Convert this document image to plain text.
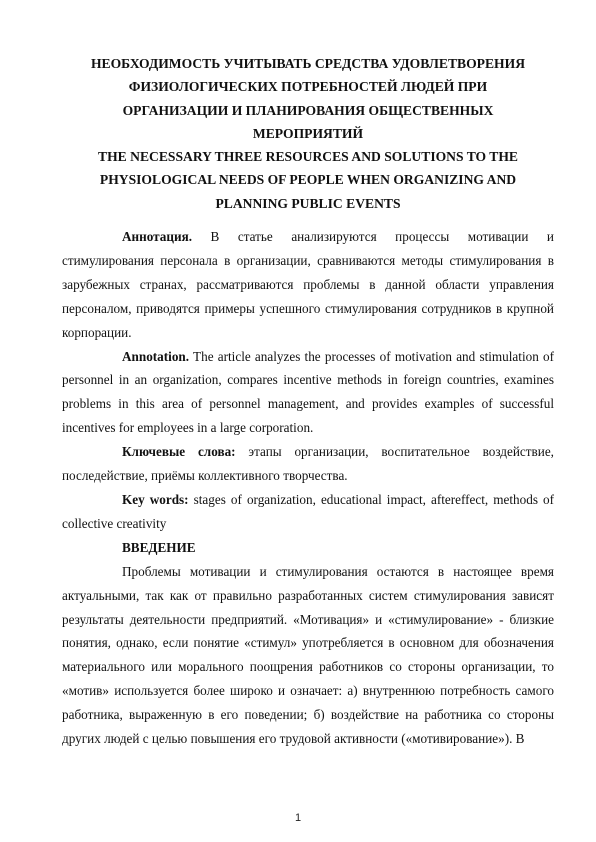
НЕОБХОДИМОСТЬ УЧИТЫВАТЬ СРЕДСТВА УДОВЛЕТВОРЕНИЯ
ФИЗИОЛОГИЧЕСКИХ ПОТРЕБНОСТЕЙ ЛЮДЕЙ ПРИ
ОРГАНИЗАЦИИ И ПЛАНИРОВАНИЯ ОБЩЕСТВЕННЫХ
МЕРОПРИЯТИЙ
THE NECESSARY THREE RESOURCES AND SOLUTIONS TO THE
PHYSIOLOGICAL NEEDS OF PEOPLE WHEN ORGANIZING AND
PLANNING PUBLIC EVENTS

Аннотация. В статье анализируются процессы мотивации и стимулирования персонала в организации, сравниваются методы стимулирования в зарубежных странах, рассматриваются проблемы в данной области управления персоналом, приводятся примеры успешного стимулирования сотрудников в крупной корпорации.

Annotation. The article analyzes the processes of motivation and stimulation of personnel in an organization, compares incentive methods in foreign countries, examines problems in this area of personnel management, and provides examples of successful incentives for employees in a large corporation.

Ключевые слова: этапы организации, воспитательное воздействие, последействие, приёмы коллективного творчества.

Key words: stages of organization, educational impact, aftereffect, methods of collective creativity

ВВЕДЕНИЕ

Проблемы мотивации и стимулирования остаются в настоящее время актуальными, так как от правильно разработанных систем стимулирования зависят результаты деятельности предприятий. «Мотивация» и «стимулирование» - близкие понятия, однако, если понятие «стимул» употребляется в основном для обозначения материального или морального поощрения работников со стороны организации, то «мотив» используется более широко и означает: а) внутреннюю потребность самого работника, выраженную в его поведении; б) воздействие на работника со стороны других людей с целью повышения его трудовой активности («мотивирование»). В

1
